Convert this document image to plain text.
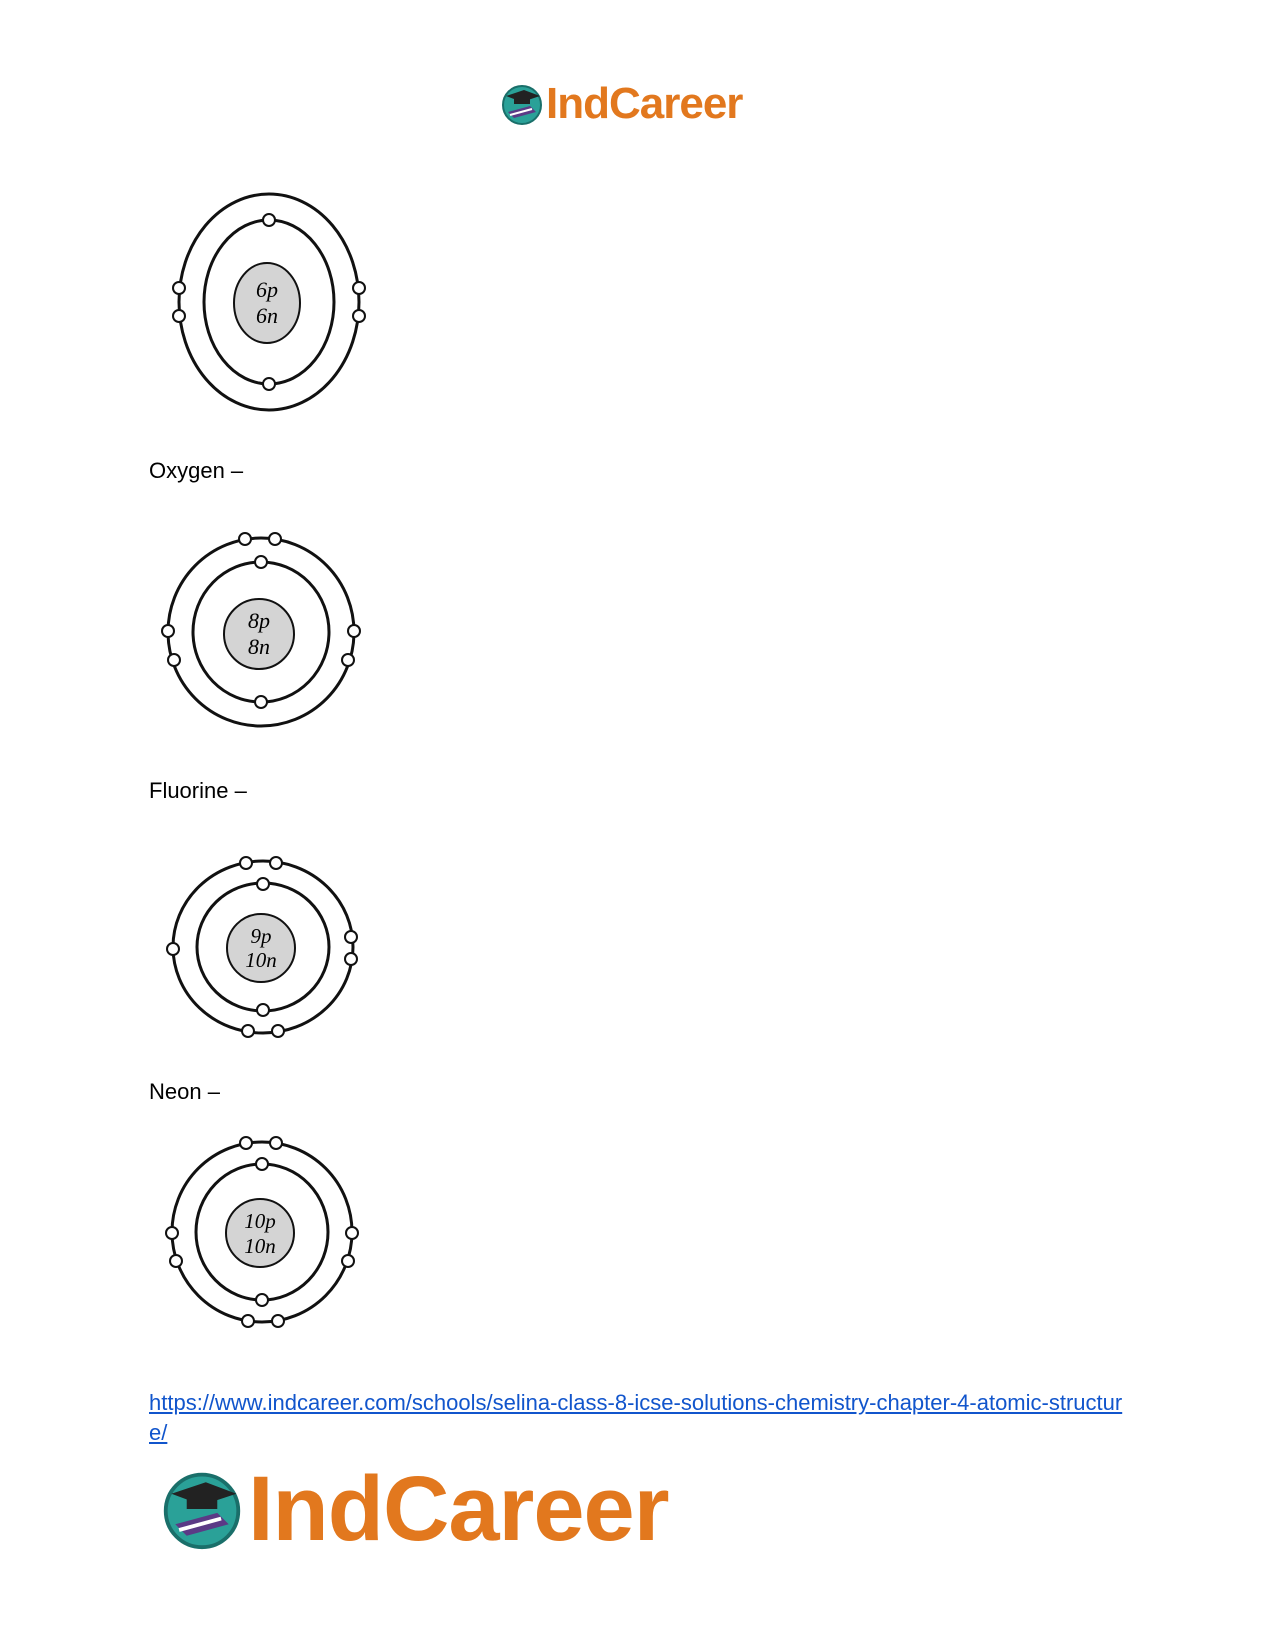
IndCareer
6p
6n
Oxygen –
8p
8n
Fluorine –
9p
10n
Neon –
10p
10n
https://www.indcareer.com/schools/selina-class-8-icse-solutions-chemistry-chapter-4-atomic-structure/
IndCareer
